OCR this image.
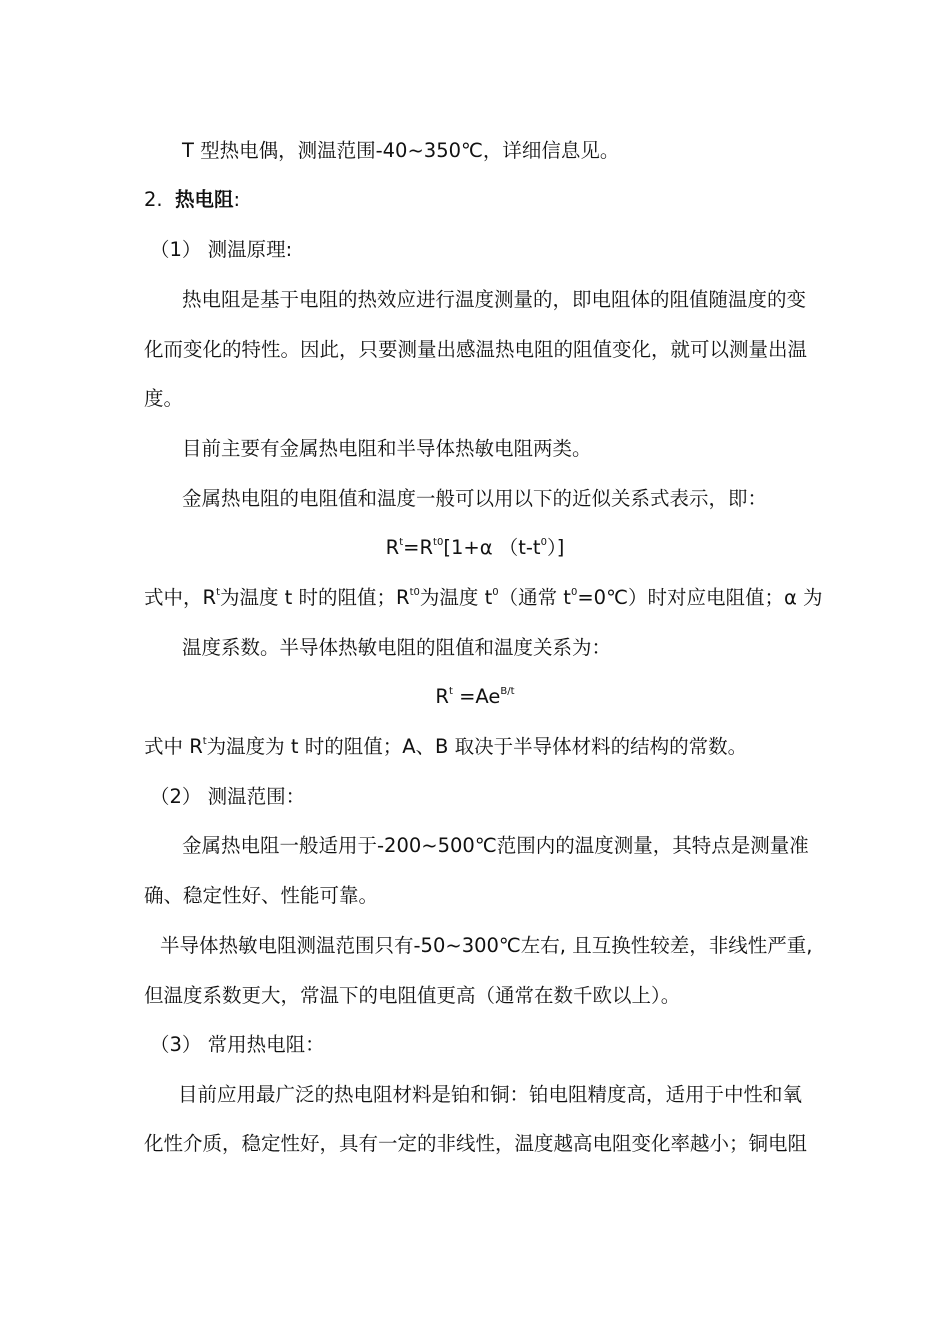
T 型热电偶，测温范围-40~350℃，详细信息见。
2. 热电阻:
（1） 测温原理:
热电阻是基于电阻的热效应进行温度测量的，即电阻体的阻值随温度的变
化而变化的特性。因此，只要测量出感温热电阻的阻值变化，就可以测量出温
度。
目前主要有金属热电阻和半导体热敏电阻两类。
金属热电阻的电阻值和温度一般可以用以下的近似关系式表示，即：
$R^t=R^{t0}[1+\alpha$ $(t-t^0)$]
式中，$R^t$为温度 t 时的阻值；$R^{t0}$为温度 $t^0$（通常 $t^0=0℃$）时对应电阻值；α 为
温度系数。半导体热敏电阻的阻值和温度关系为：
$R^t =Ae^{B/t}$
式中 $R^t$为温度为 t 时的阻值；A、B 取决于半导体材料的结构的常数。
（2） 测温范围：
金属热电阻一般适用于-200~500℃范围内的温度测量，其特点是测量准
确、稳定性好、性能可靠。
半导体热敏电阻测温范围只有-50~300℃左右, 且互换性较差，非线性严重,
但温度系数更大，常温下的电阻值更高（通常在数千欧以上）。
（3） 常用热电阻：
目前应用最广泛的热电阻材料是铂和铜：铂电阻精度高，适用于中性和氧
化性介质，稳定性好，具有一定的非线性，温度越高电阻变化率越小；铜电阻
